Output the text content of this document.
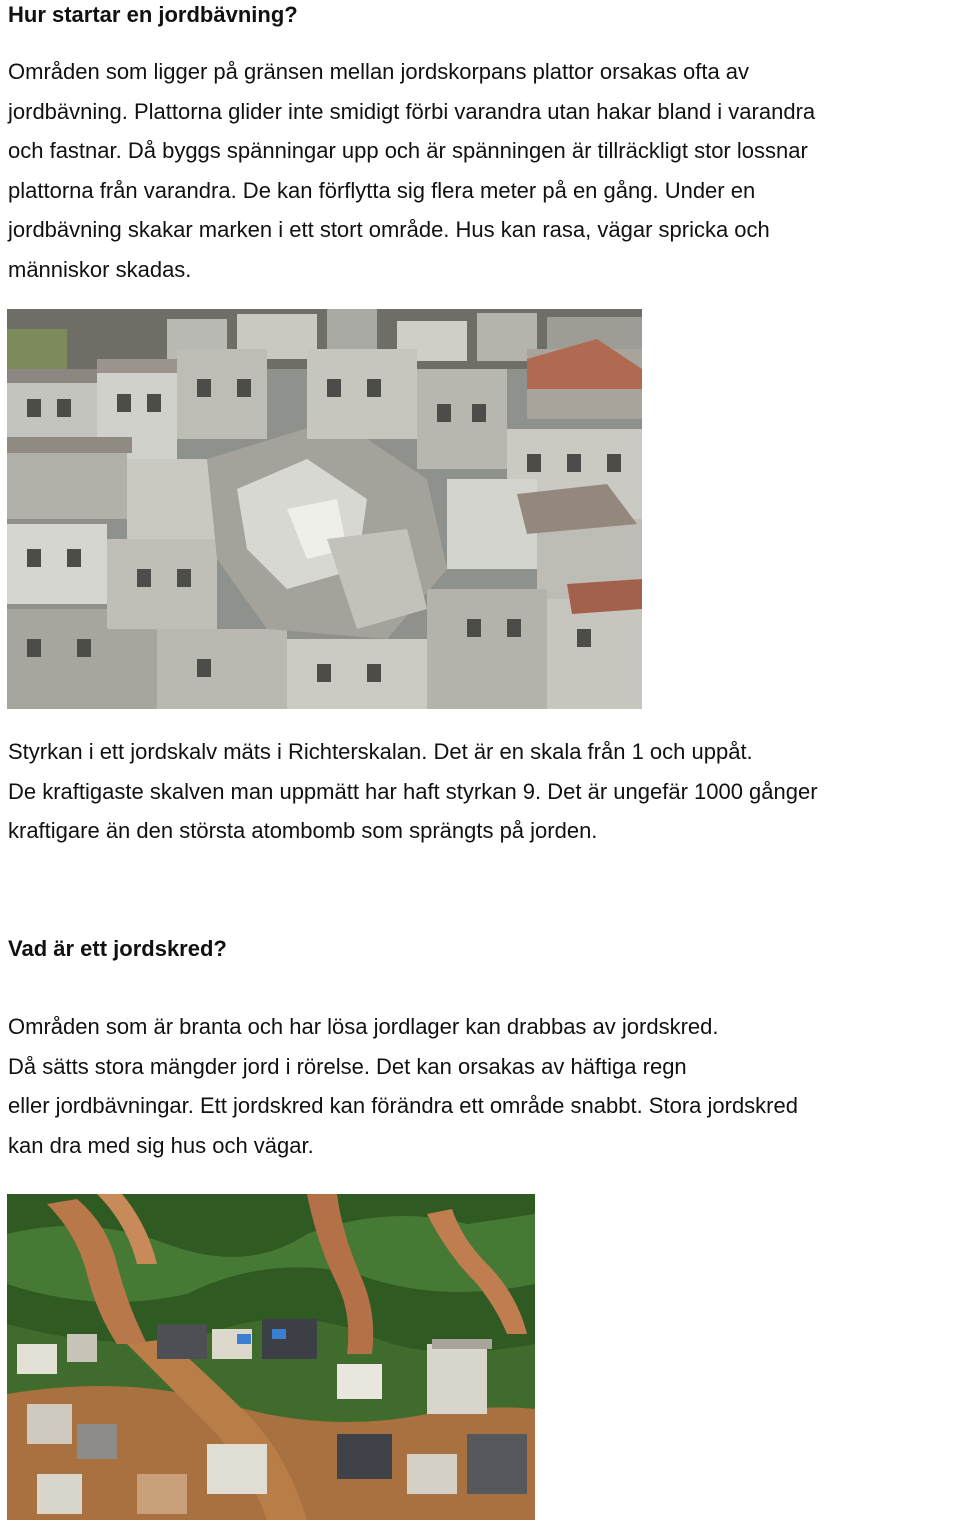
Hur startar en jordbävning?

Områden som ligger på gränsen mellan jordskorpans plattor orsakas ofta av
jordbävning. Plattorna glider inte smidigt förbi varandra utan hakar bland i varandra
och fastnar. Då byggs spänningar upp och är spänningen är tillräckligt stor lossnar
plattorna från varandra. De kan förflytta sig flera meter på en gång. Under en
jordbävning skakar marken i ett stort område. Hus kan rasa, vägar spricka och
människor skadas.

Styrkan i ett jordskalv mäts i Richterskalan. Det är en skala från 1 och uppåt.
De kraftigaste skalven man uppmätt har haft styrkan 9. Det är ungefär 1000 gånger
kraftigare än den största atombomb som sprängts på jorden.

Vad är ett jordskred?

Områden som är branta och har lösa jordlager kan drabbas av jordskred.
Då sätts stora mängder jord i rörelse. Det kan orsakas av häftiga regn
eller jordbävningar. Ett jordskred kan förändra ett område snabbt. Stora jordskred
kan dra med sig hus och vägar.
